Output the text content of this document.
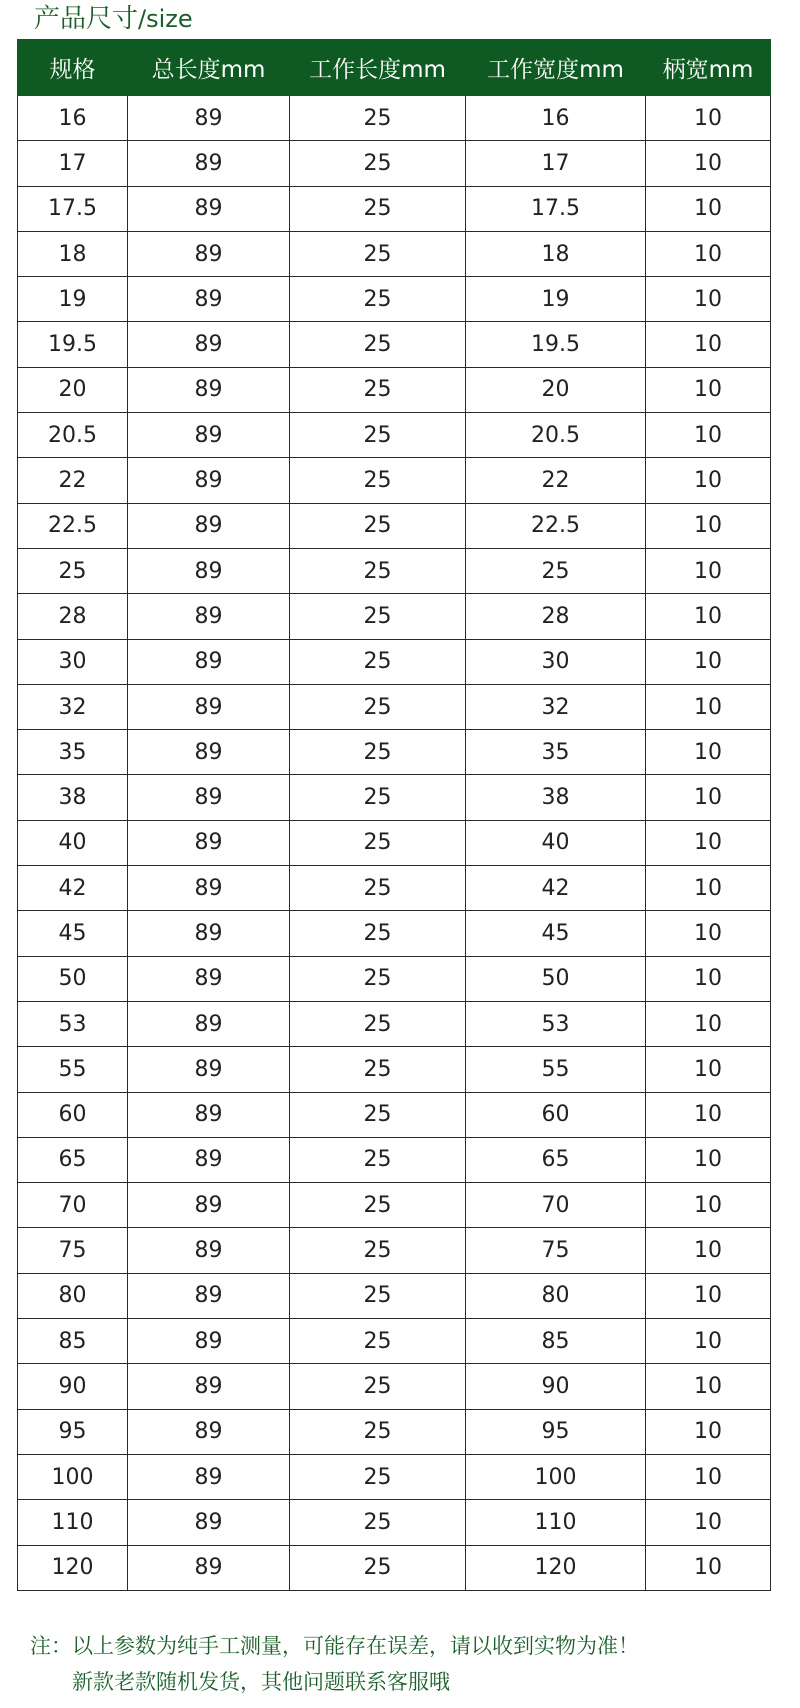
产品尺寸/size
规格	总长度mm	工作长度mm	工作宽度mm	柄宽mm
16	89	25	16	10
17	89	25	17	10
17.5	89	25	17.5	10
18	89	25	18	10
19	89	25	19	10
19.5	89	25	19.5	10
20	89	25	20	10
20.5	89	25	20.5	10
22	89	25	22	10
22.5	89	25	22.5	10
25	89	25	25	10
28	89	25	28	10
30	89	25	30	10
32	89	25	32	10
35	89	25	35	10
38	89	25	38	10
40	89	25	40	10
42	89	25	42	10
45	89	25	45	10
50	89	25	50	10
53	89	25	53	10
55	89	25	55	10
60	89	25	60	10
65	89	25	65	10
70	89	25	70	10
75	89	25	75	10
80	89	25	80	10
85	89	25	85	10
90	89	25	90	10
95	89	25	95	10
100	89	25	100	10
110	89	25	110	10
120	89	25	120	10
注：以上参数为纯手工测量，可能存在误差，请以收到实物为准！
新款老款随机发货，其他问题联系客服哦
